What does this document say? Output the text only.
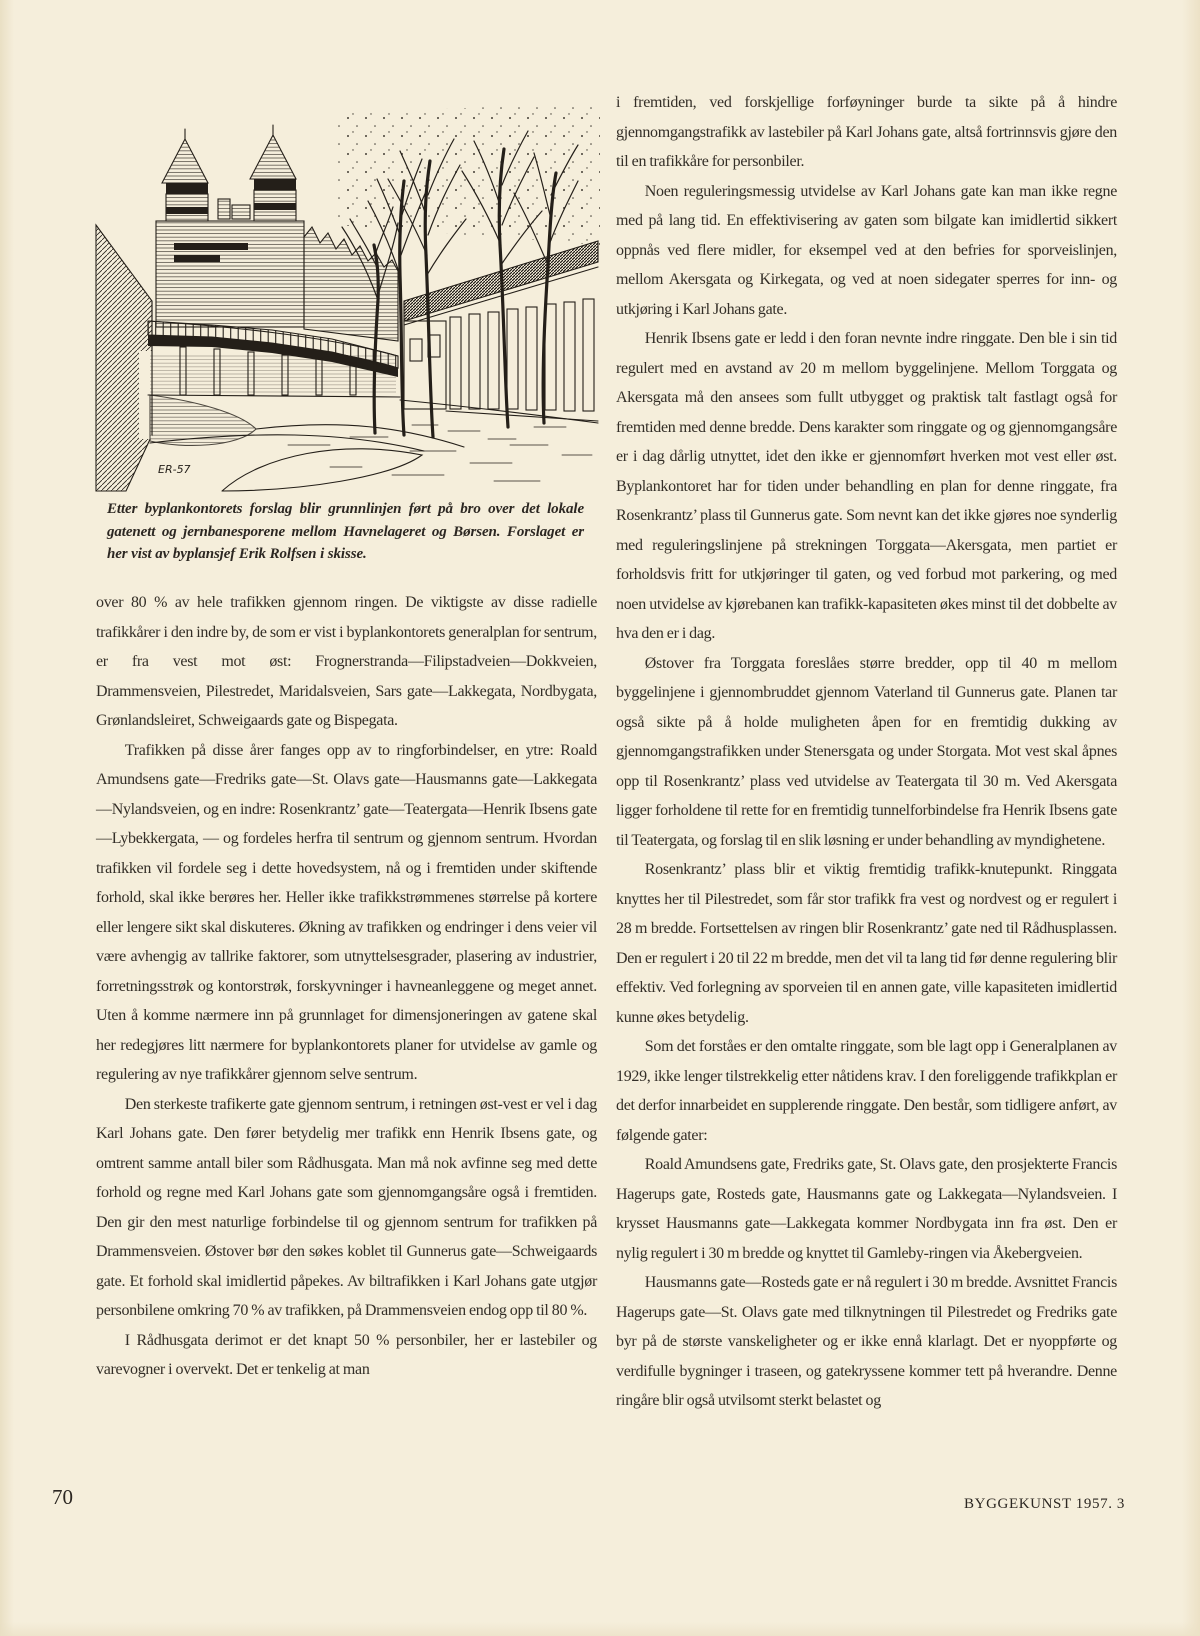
ER-57

Etter byplankontorets forslag blir grunnlinjen ført på bro over det lokale gatenett og jernbanesporene mellom Havnelageret og Børsen. Forslaget er her vist av byplansjef Erik Rolfsen i skisse.

over 80 % av hele trafikken gjennom ringen. De viktigste av disse radielle trafikkårer i den indre by, de som er vist i byplankontorets generalplan for sentrum, er fra vest mot øst: Frognerstranda—Filipstadveien—Dokkveien, Drammensveien, Pilestredet, Maridalsveien, Sars gate—Lakkegata, Nordbygata, Grønlandsleiret, Schweigaards gate og Bispegata.

Trafikken på disse årer fanges opp av to ringforbindelser, en ytre: Roald Amundsens gate—Fredriks gate—St. Olavs gate—Hausmanns gate—Lakkegata—Nylandsveien, og en indre: Rosenkrantz’ gate—Teatergata—Henrik Ibsens gate—Lybekkergata, — og fordeles herfra til sentrum og gjennom sentrum. Hvordan trafikken vil fordele seg i dette hovedsystem, nå og i fremtiden under skiftende forhold, skal ikke berøres her. Heller ikke trafikkstrømmenes størrelse på kortere eller lengere sikt skal diskuteres. Økning av trafikken og endringer i dens veier vil være avhengig av tallrike faktorer, som utnyttelsesgrader, plasering av industrier, forretningsstrøk og kontorstrøk, forskyvninger i havneanleggene og meget annet. Uten å komme nærmere inn på grunnlaget for dimensjoneringen av gatene skal her redegjøres litt nærmere for byplankontorets planer for utvidelse av gamle og regulering av nye trafikkårer gjennom selve sentrum.

Den sterkeste trafikerte gate gjennom sentrum, i retningen øst-vest er vel i dag Karl Johans gate. Den fører betydelig mer trafikk enn Henrik Ibsens gate, og omtrent samme antall biler som Rådhusgata. Man må nok avfinne seg med dette forhold og regne med Karl Johans gate som gjennomgangsåre også i fremtiden. Den gir den mest naturlige forbindelse til og gjennom sentrum for trafikken på Drammensveien. Østover bør den søkes koblet til Gunnerus gate—Schweigaards gate. Et forhold skal imidlertid påpekes. Av biltrafikken i Karl Johans gate utgjør personbilene omkring 70 % av trafikken, på Drammensveien endog opp til 80 %.

I Rådhusgata derimot er det knapt 50 % personbiler, her er lastebiler og varevogner i overvekt. Det er tenkelig at man

i fremtiden, ved forskjellige forføyninger burde ta sikte på å hindre gjennomgangstrafikk av lastebiler på Karl Johans gate, altså fortrinnsvis gjøre den til en trafikkåre for personbiler.

Noen reguleringsmessig utvidelse av Karl Johans gate kan man ikke regne med på lang tid. En effektivisering av gaten som bilgate kan imidlertid sikkert oppnås ved flere midler, for eksempel ved at den befries for sporveislinjen, mellom Akersgata og Kirkegata, og ved at noen sidegater sperres for inn- og utkjøring i Karl Johans gate.

Henrik Ibsens gate er ledd i den foran nevnte indre ringgate. Den ble i sin tid regulert med en avstand av 20 m mellom byggelinjene. Mellom Torggata og Akersgata må den ansees som fullt utbygget og praktisk talt fastlagt også for fremtiden med denne bredde. Dens karakter som ringgate og og gjennomgangsåre er i dag dårlig utnyttet, idet den ikke er gjennomført hverken mot vest eller øst. Byplankontoret har for tiden under behandling en plan for denne ringgate, fra Rosenkrantz’ plass til Gunnerus gate. Som nevnt kan det ikke gjøres noe synderlig med reguleringslinjene på strekningen Torggata—Akersgata, men partiet er forholdsvis fritt for utkjøringer til gaten, og ved forbud mot parkering, og med noen utvidelse av kjørebanen kan trafikk-kapasiteten økes minst til det dobbelte av hva den er i dag.

Østover fra Torggata foreslåes større bredder, opp til 40 m mellom byggelinjene i gjennombruddet gjennom Vaterland til Gunnerus gate. Planen tar også sikte på å holde muligheten åpen for en fremtidig dukking av gjennomgangstrafikken under Stenersgata og under Storgata. Mot vest skal åpnes opp til Rosenkrantz’ plass ved utvidelse av Teatergata til 30 m. Ved Akersgata ligger forholdene til rette for en fremtidig tunnelforbindelse fra Henrik Ibsens gate til Teatergata, og forslag til en slik løsning er under behandling av myndighetene.

Rosenkrantz’ plass blir et viktig fremtidig trafikk-knutepunkt. Ringgata knyttes her til Pilestredet, som får stor trafikk fra vest og nordvest og er regulert i 28 m bredde. Fortsettelsen av ringen blir Rosenkrantz’ gate ned til Rådhusplassen. Den er regulert i 20 til 22 m bredde, men det vil ta lang tid før denne regulering blir effektiv. Ved forlegning av sporveien til en annen gate, ville kapasiteten imidlertid kunne økes betydelig.

Som det forståes er den omtalte ringgate, som ble lagt opp i Generalplanen av 1929, ikke lenger tilstrekkelig etter nåtidens krav. I den foreliggende trafikkplan er det derfor innarbeidet en supplerende ringgate. Den består, som tidligere anført, av følgende gater:

Roald Amundsens gate, Fredriks gate, St. Olavs gate, den prosjekterte Francis Hagerups gate, Rosteds gate, Hausmanns gate og Lakkegata—Nylandsveien. I krysset Hausmanns gate—Lakkegata kommer Nordbygata inn fra øst. Den er nylig regulert i 30 m bredde og knyttet til Gamleby-ringen via Åkebergveien.

Hausmanns gate—Rosteds gate er nå regulert i 30 m bredde. Avsnittet Francis Hagerups gate—St. Olavs gate med tilknytningen til Pilestredet og Fredriks gate byr på de største vanskeligheter og er ikke ennå klarlagt. Det er nyoppførte og verdifulle bygninger i traseen, og gatekryssene kommer tett på hverandre. Denne ringåre blir også utvilsomt sterkt belastet og

70	BYGGEKUNST 1957. 3
